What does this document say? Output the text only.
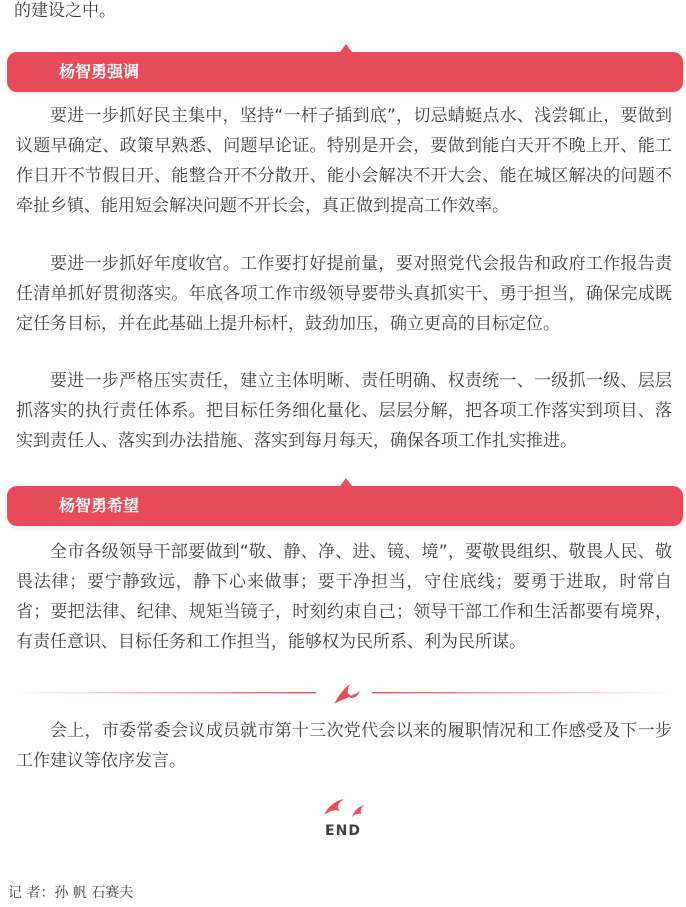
的建设之中。
杨智勇强调

要进一步抓好民主集中，坚持“一杆子插到底”，切忌蜻蜓点水、浅尝辄止，要做到议题早确定、政策早熟悉、问题早论证。特别是开会，要做到能白天开不晚上开、能工作日开不节假日开、能整合开不分散开、能小会解决不开大会、能在城区解决的问题不牵扯乡镇、能用短会解决问题不开长会，真正做到提高工作效率。

要进一步抓好年度收官。工作要打好提前量，要对照党代会报告和政府工作报告责任清单抓好贯彻落实。年底各项工作市级领导要带头真抓实干、勇于担当，确保完成既定任务目标，并在此基础上提升标杆，鼓劲加压，确立更高的目标定位。

要进一步严格压实责任，建立主体明晰、责任明确、权责统一、一级抓一级、层层抓落实的执行责任体系。把目标任务细化量化、层层分解，把各项工作落实到项目、落实到责任人、落实到办法措施、落实到每月每天，确保各项工作扎实推进。

杨智勇希望

全市各级领导干部要做到“敬、静、净、进、镜、境”，要敬畏组织、敬畏人民、敬畏法律；要宁静致远，静下心来做事；要干净担当，守住底线；要勇于进取，时常自省；要把法律、纪律、规矩当镜子，时刻约束自己；领导干部工作和生活都要有境界，有责任意识、目标任务和工作担当，能够权为民所系、利为民所谋。

会上，市委常委会议成员就市第十三次党代会以来的履职情况和工作感受及下一步工作建议等依序发言。

END
记 者：孙 帆 石赛夫
